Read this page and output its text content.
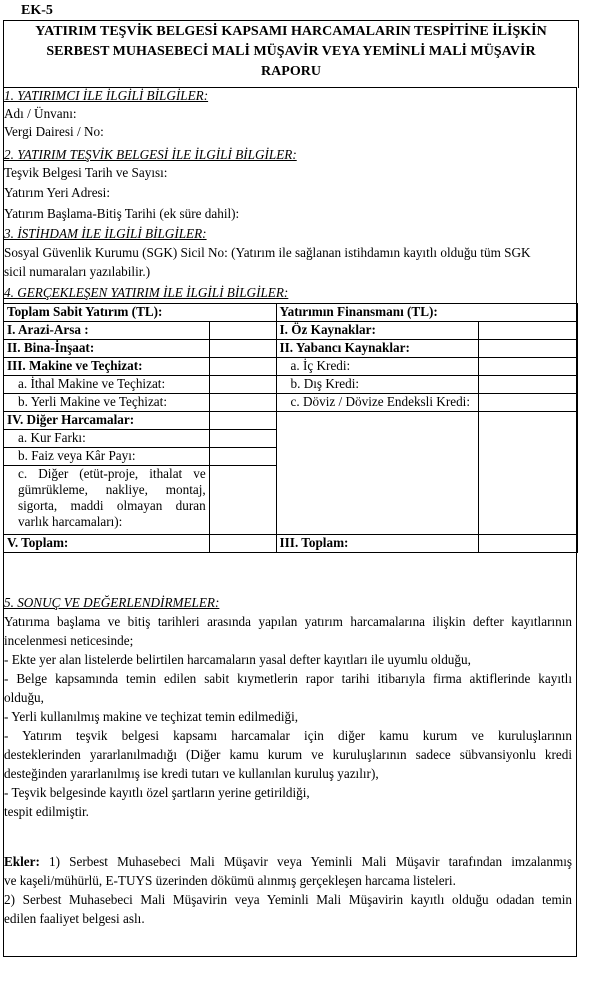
EK-5
YATIRIM TEŞVİK BELGESİ KAPSAMI HARCAMALARIN TESPİTİNE İLİŞKİN
SERBEST MUHASEBECİ MALİ MÜŞAVİR VEYA YEMİNLİ MALİ MÜŞAVİR
RAPORU
1. YATIRIMCI İLE İLGİLİ BİLGİLER:
Adı / Ünvanı:
Vergi Dairesi / No:
2. YATIRIM TEŞVİK BELGESİ İLE İLGİLİ BİLGİLER:
Teşvik Belgesi Tarih ve Sayısı:
Yatırım Yeri Adresi:
Yatırım Başlama-Bitiş Tarihi (ek süre dahil):
3. İSTİHDAM İLE İLGİLİ BİLGİLER:
Sosyal Güvenlik Kurumu (SGK) Sicil No: (Yatırım ile sağlanan istihdamın kayıtlı olduğu tüm SGK
sicil numaraları yazılabilir.)
4. GERÇEKLEŞEN YATIRIM İLE İLGİLİ BİLGİLER:
Toplam Sabit Yatırım (TL):		Yatırımın Finansmanı (TL):	
I. Arazi-Arsa :		I. Öz Kaynaklar:	
II. Bina-İnşaat:		II. Yabancı Kaynaklar:	
III. Makine ve Teçhizat:		a. İç Kredi:	
a. İthal Makine ve Teçhizat:		b. Dış Kredi:	
b. Yerli Makine ve Teçhizat:		c. Döviz / Dövize Endeksli Kredi:	
IV. Diğer Harcamalar:			
a. Kur Farkı:			
b. Faiz veya Kâr Payı:			

c. Diğer (etüt-proje, ithalat ve
gümrükleme, nakliye, montaj,
sigorta, maddi olmayan duran
varlık harcamaları):			

V. Toplam:		III. Toplam:	
5. SONUÇ VE DEĞERLENDİRMELER:
Yatırıma başlama ve bitiş tarihleri arasında yapılan yatırım harcamalarına ilişkin defter kayıtlarının
incelenmesi neticesinde;
- Ekte yer alan listelerde belirtilen harcamaların yasal defter kayıtları ile uyumlu olduğu,
- Belge kapsamında temin edilen sabit kıymetlerin rapor tarihi itibarıyla firma aktiflerinde kayıtlı
olduğu,
- Yerli kullanılmış makine ve teçhizat temin edilmediği,
- Yatırım teşvik belgesi kapsamı harcamalar için diğer kamu kurum ve kuruluşlarının
desteklerinden yararlanılmadığı (Diğer kamu kurum ve kuruluşlarının sadece sübvansiyonlu kredi
desteğinden yararlanılmış ise kredi tutarı ve kullanılan kuruluş yazılır),
- Teşvik belgesinde kayıtlı özel şartların yerine getirildiği,
tespit edilmiştir.
Ekler: 1) Serbest Muhasebeci Mali Müşavir veya Yeminli Mali Müşavir tarafından imzalanmış
ve kaşeli/mühürlü, E-TUYS üzerinden dökümü alınmış gerçekleşen harcama listeleri.
2) Serbest Muhasebeci Mali Müşavirin veya Yeminli Mali Müşavirin kayıtlı olduğu odadan temin
edilen faaliyet belgesi aslı.
